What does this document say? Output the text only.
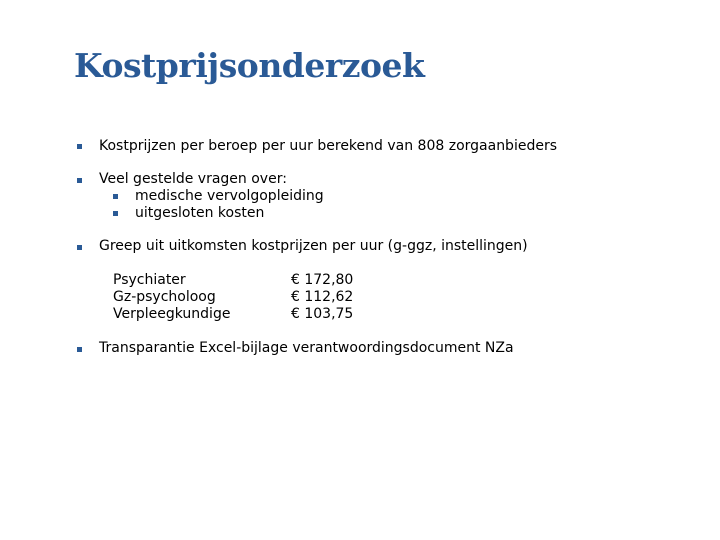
Kostprijsonderzoek
Kostprijzen per beroep per uur berekend van 808 zorgaanbieders
Veel gestelde vragen over:
medische vervolgopleiding
uitgesloten kosten
Greep uit uitkomsten kostprijzen per uur (g-ggz, instellingen)
Psychiater	€ 172,80
Gz-psycholoog	€ 112,62
Verpleegkundige	€ 103,75
Transparantie Excel-bijlage verantwoordingsdocument NZa
